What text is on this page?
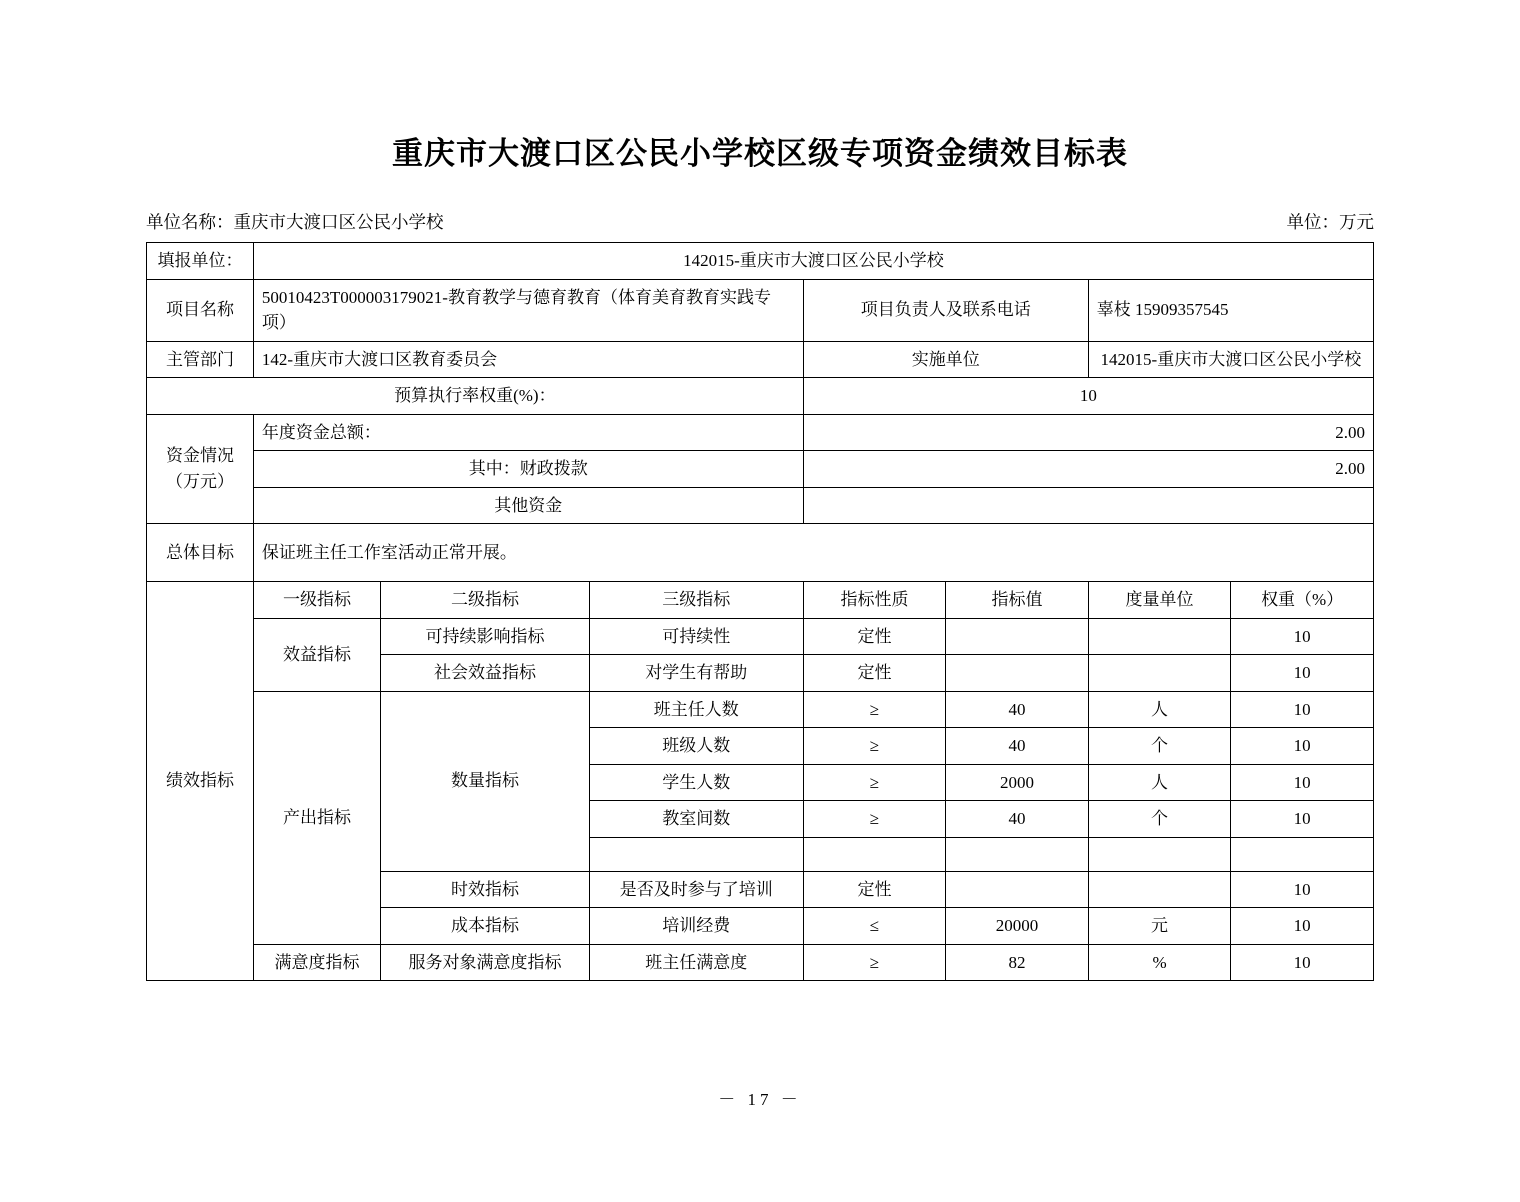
重庆市大渡口区公民小学校区级专项资金绩效目标表
单位名称：重庆市大渡口区公民小学校	单位：万元
填报单位：	142015-重庆市大渡口区公民小学校						
项目名称	50010423T000003179021-教育教学与德育教育（体育美育教育实践专项）			项目负责人及联系电话		辜枝 15909357545	
主管部门	142-重庆市大渡口区教育委员会			实施单位		142015-重庆市大渡口区公民小学校	
预算执行率权重(%)：				10			
资金情况（万元）	年度资金总额：			2.00			
	其中：财政拨款			2.00			
	其他资金						
总体目标	保证班主任工作室活动正常开展。						
绩效指标	一级指标	二级指标	三级指标	指标性质	指标值	度量单位	权重（%）
	效益指标	可持续影响指标	可持续性	定性			10
		社会效益指标	对学生有帮助	定性			10
	产出指标	数量指标	班主任人数	≥	40	人	10
			班级人数	≥	40	个	10
			学生人数	≥	2000	人	10
			教室间数	≥	40	个	10

		时效指标	是否及时参与了培训	定性			10
		成本指标	培训经费	≤	20000	元	10
	满意度指标	服务对象满意度指标	班主任满意度	≥	82	%	10
－ 17 －
